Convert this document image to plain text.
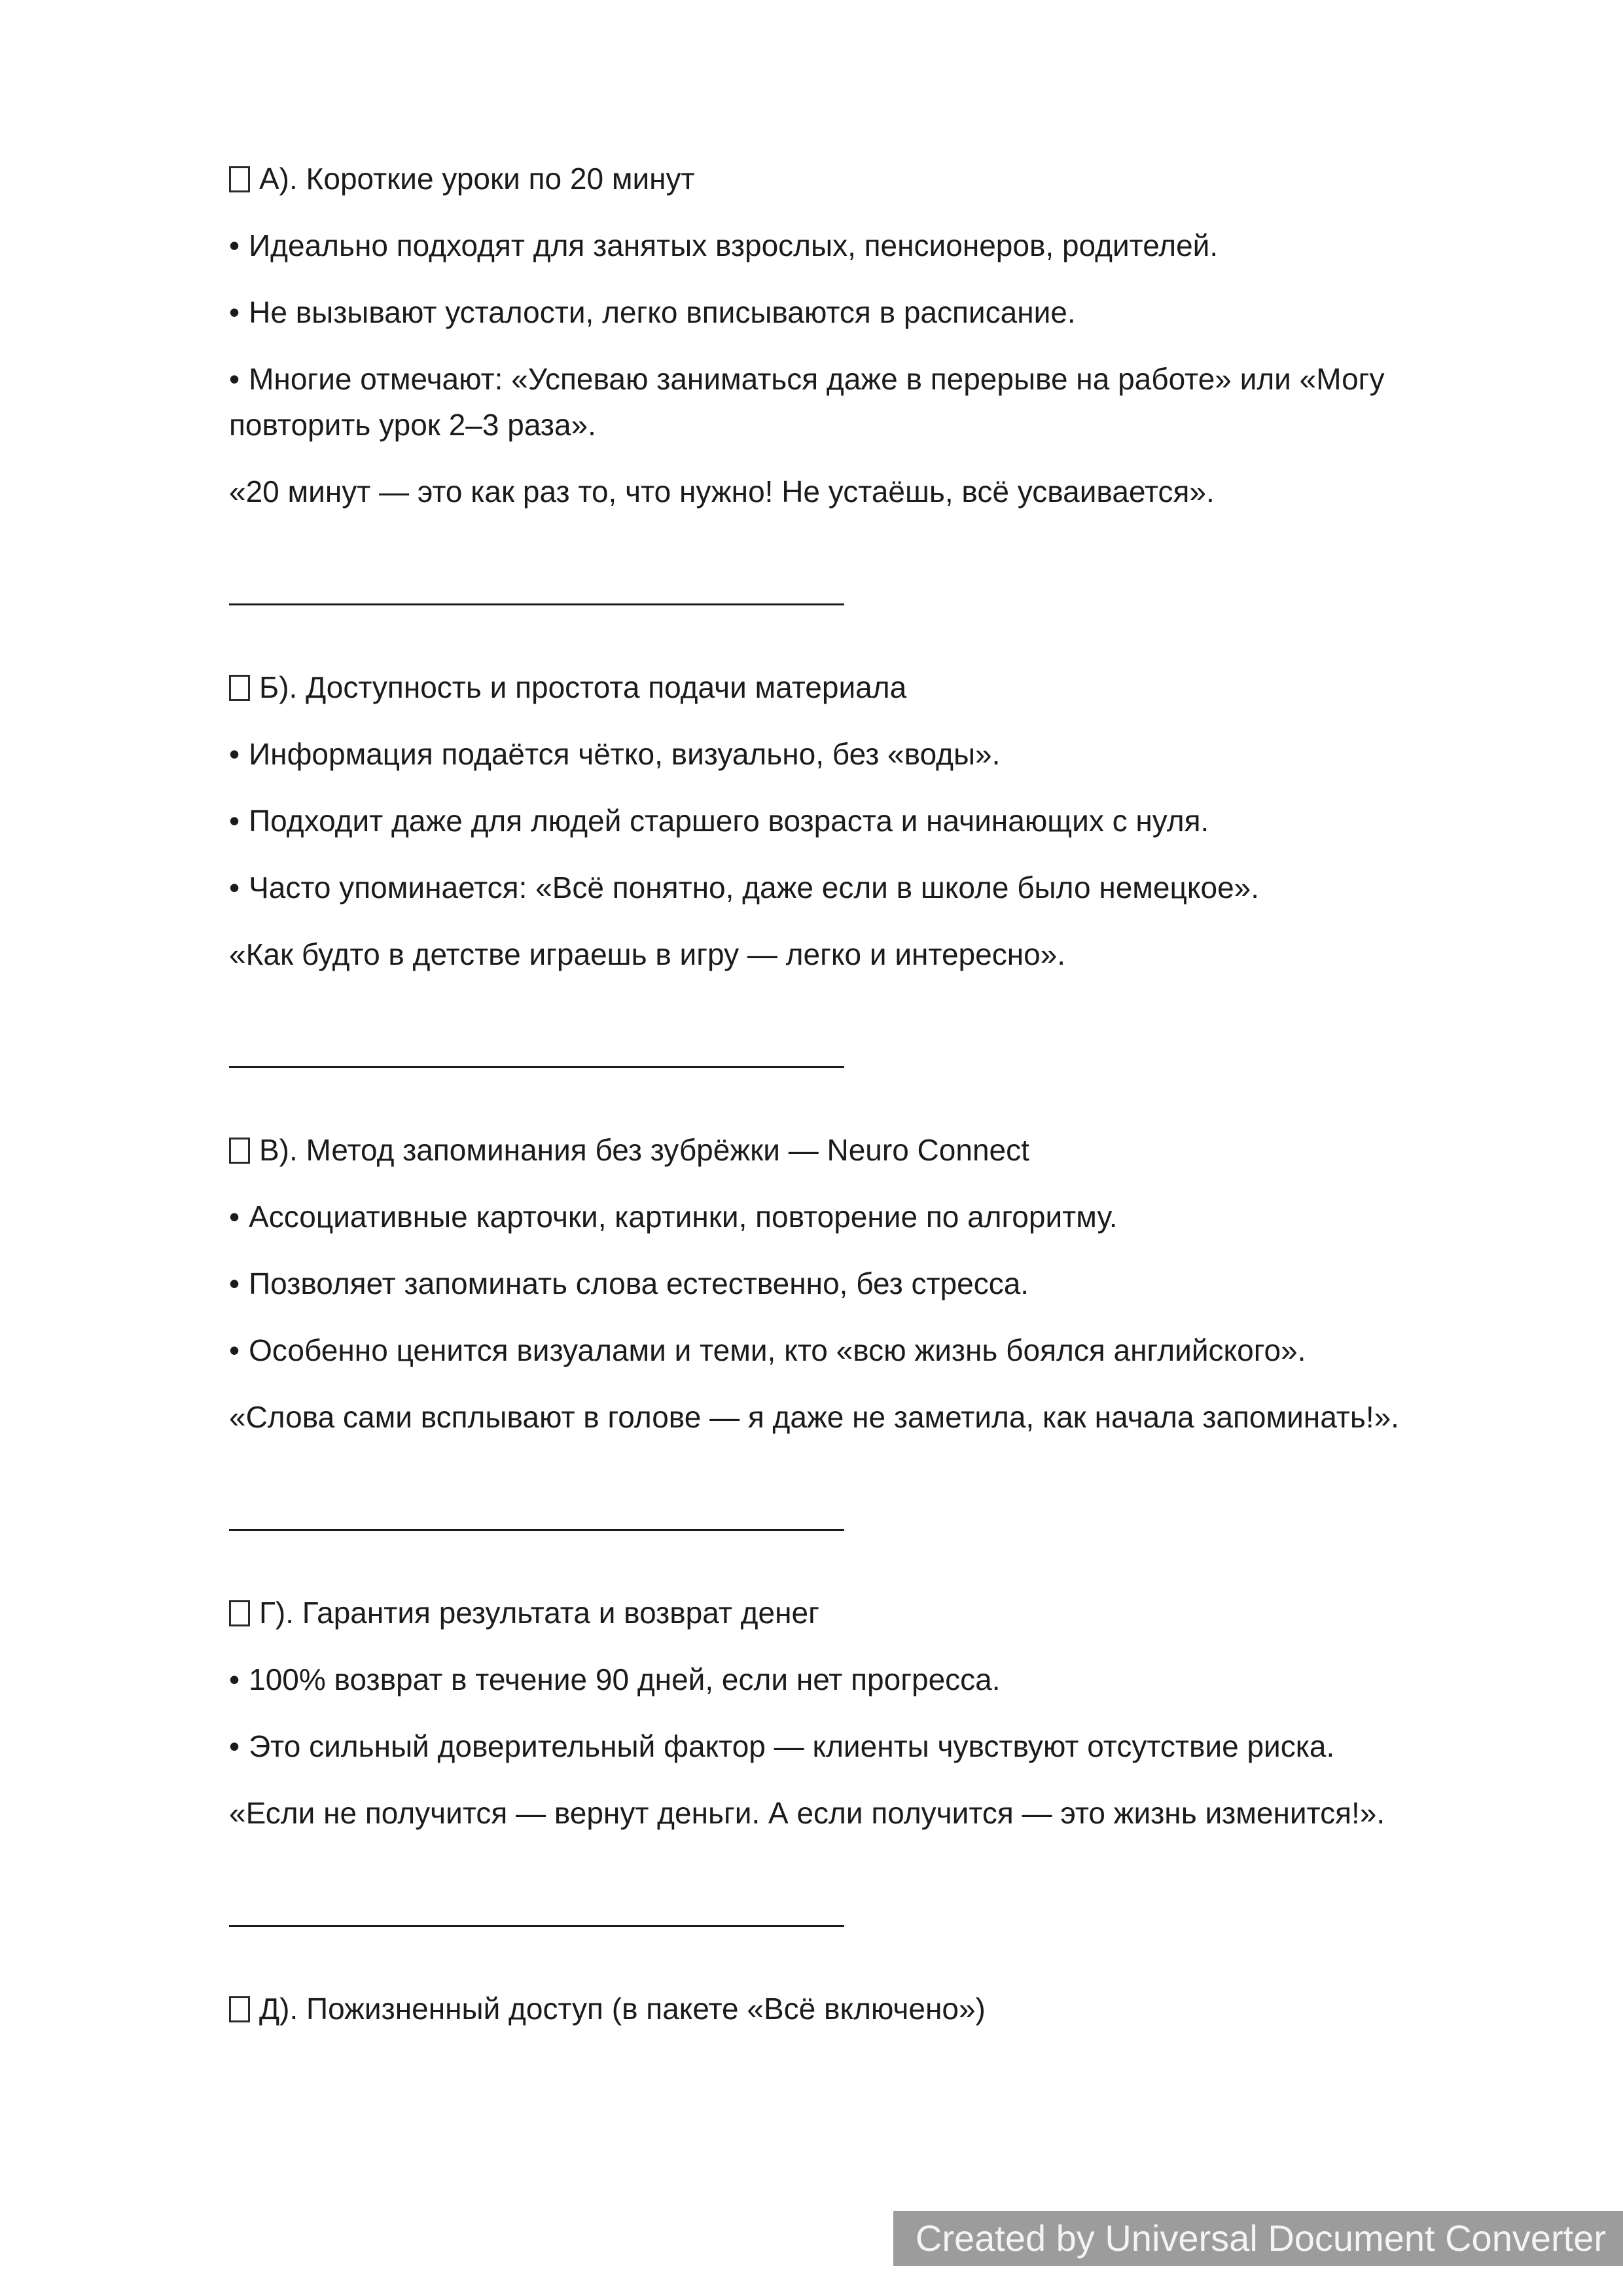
А). Короткие уроки по 20 минут

• Идеально подходят для занятых взрослых, пенсионеров, родителей.

• Не вызывают усталости, легко вписываются в расписание.

• Многие отмечают: «Успеваю заниматься даже в перерыве на работе» или «Могу повторить урок 2–3 раза».

«20 минут — это как раз то, что нужно! Не устаёшь, всё усваивается».

Б). Доступность и простота подачи материала

• Информация подаётся чётко, визуально, без «воды».

• Подходит даже для людей старшего возраста и начинающих с нуля.

• Часто упоминается: «Всё понятно, даже если в школе было немецкое».

«Как будто в детстве играешь в игру — легко и интересно».

В). Метод запоминания без зубрёжки — Neuro Connect

• Ассоциативные карточки, картинки, повторение по алгоритму.

• Позволяет запоминать слова естественно, без стресса.

• Особенно ценится визуалами и теми, кто «всю жизнь боялся английского».

«Слова сами всплывают в голове — я даже не заметила, как начала запоминать!».

Г). Гарантия результата и возврат денег

• 100% возврат в течение 90 дней, если нет прогресса.

• Это сильный доверительный фактор — клиенты чувствуют отсутствие риска.

«Если не получится — вернут деньги. А если получится — это жизнь изменится!».

Д). Пожизненный доступ (в пакете «Всё включено»)

Created by Universal Document Converter
